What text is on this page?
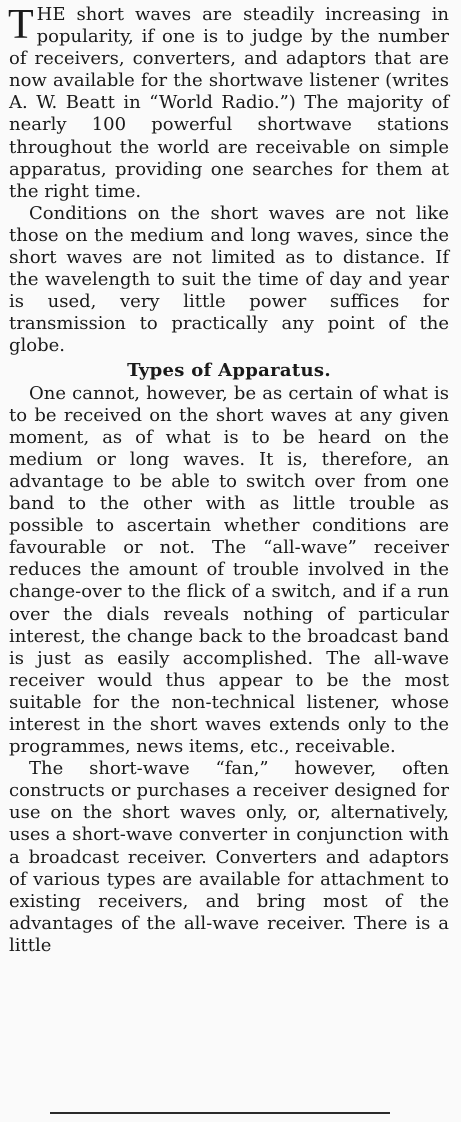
THE short waves are steadily increasing in popularity, if one is to judge by the number of receivers, converters, and adaptors that are now available for the shortwave listener (writes A. W. Beatt in “World Radio.”) The majority of nearly 100 powerful shortwave stations throughout the world are receivable on simple apparatus, providing one searches for them at the right time.

Conditions on the short waves are not like those on the medium and long waves, since the short waves are not limited as to distance. If the wavelength to suit the time of day and year is used, very little power suffices for transmission to practically any point of the globe.

Types of Apparatus.

One cannot, however, be as certain of what is to be received on the short waves at any given moment, as of what is to be heard on the medium or long waves. It is, therefore, an advantage to be able to switch over from one band to the other with as little trouble as possible to ascertain whether conditions are favourable or not. The “all-wave” receiver reduces the amount of trouble involved in the change-over to the flick of a switch, and if a run over the dials reveals nothing of particular interest, the change back to the broadcast band is just as easily accomplished. The all-wave receiver would thus appear to be the most suitable for the non-technical listener, whose interest in the short waves extends only to the programmes, news items, etc., receivable.

The short-wave “fan,” however, often constructs or purchases a receiver designed for use on the short waves only, or, alternatively, uses a short-wave converter in conjunction with a broadcast receiver. Converters and adaptors of various types are available for attachment to existing receivers, and bring most of the advantages of the all-wave receiver. There is a little
